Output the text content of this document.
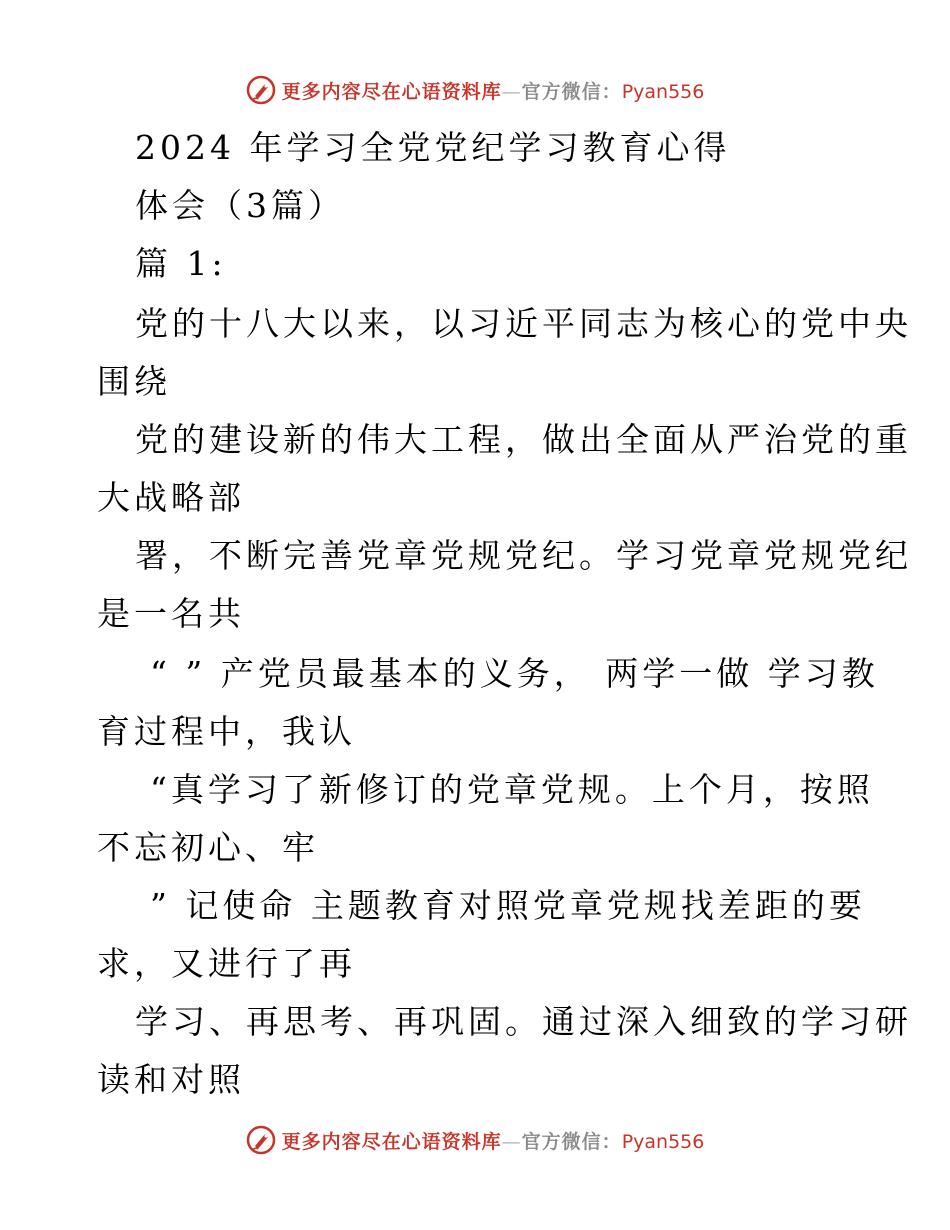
更多内容尽在心语资料库—官方微信：Pyan556
2024 年学习全党党纪学习教育心得
体会（3篇）
篇 1:
党的十八大以来，以习近平同志为核心的党中央
围绕
党的建设新的伟大工程，做出全面从严治党的重
大战略部
署，不断完善党章党规党纪。学习党章党规党纪
是一名共
“ ” 产党员最基本的义务， 两学一做 学习教
育过程中，我认
“真学习了新修订的党章党规。上个月，按照
不忘初心、牢
” 记使命 主题教育对照党章党规找差距的要
求，又进行了再
学习、再思考、再巩固。通过深入细致的学习研
读和对照
更多内容尽在心语资料库—官方微信：Pyan556
